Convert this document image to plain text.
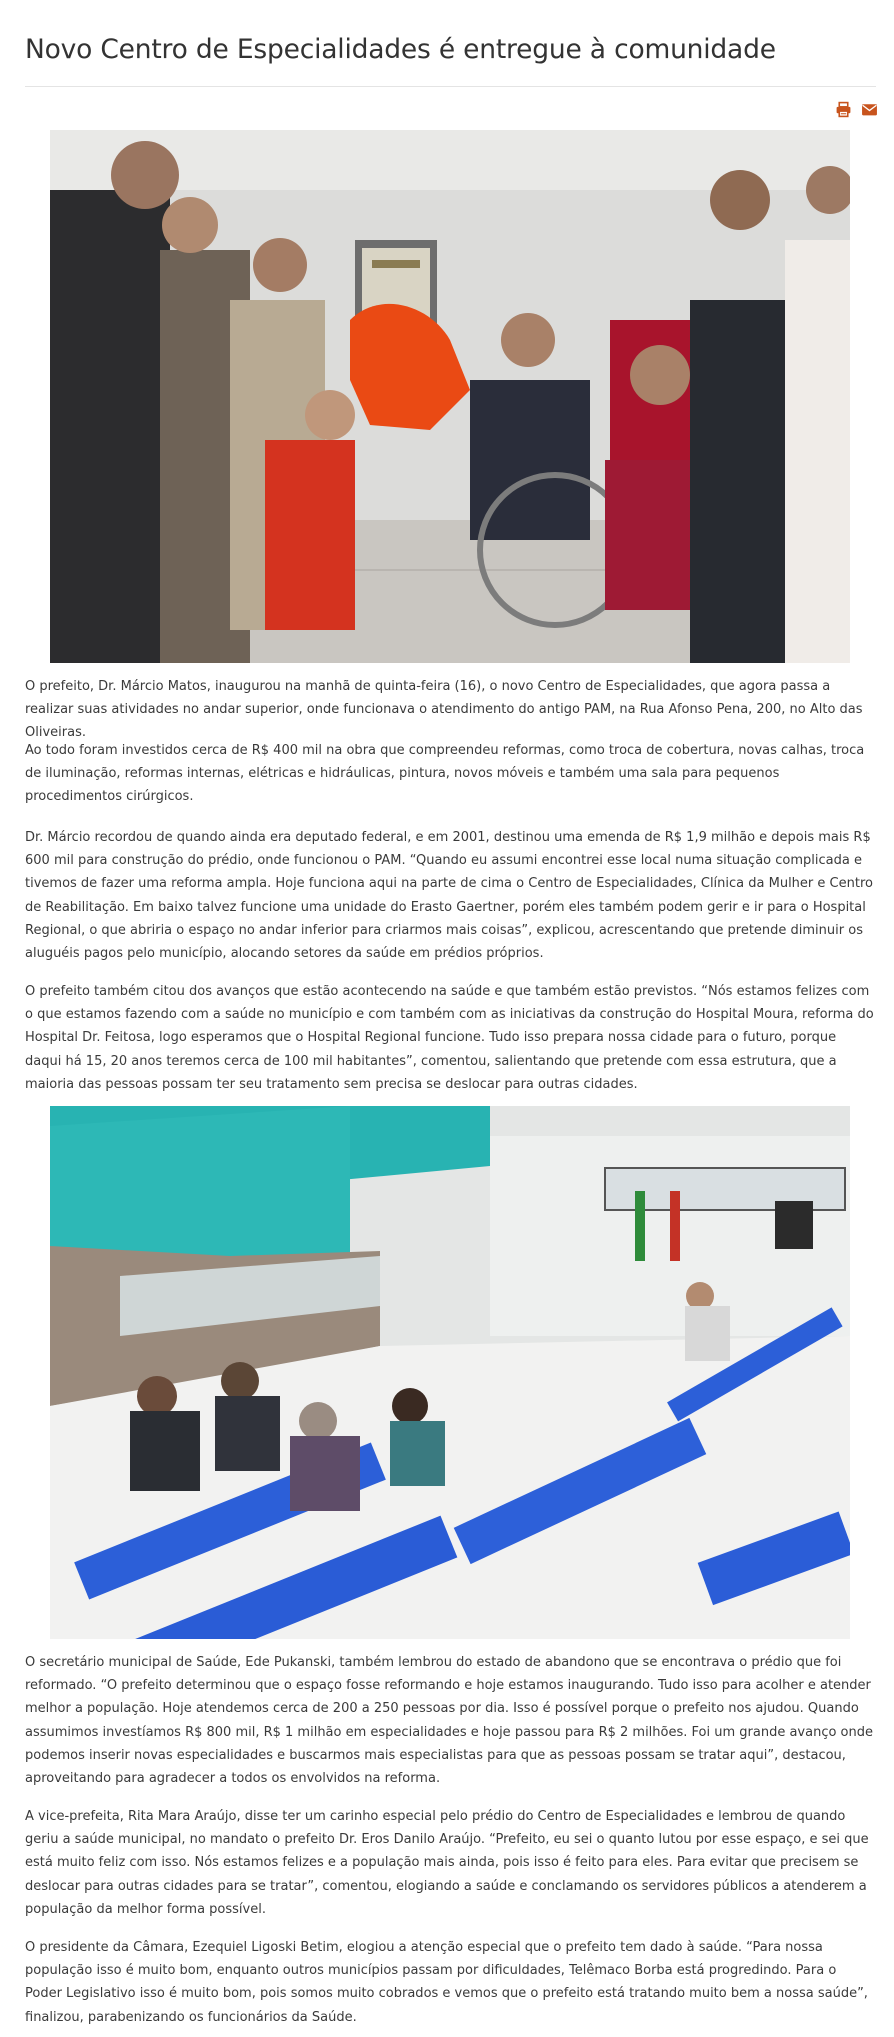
Novo Centro de Especialidades é entregue à comunidade

O prefeito, Dr. Márcio Matos, inaugurou na manhã de quinta-feira (16), o novo Centro de Especialidades, que agora passa a realizar suas atividades no andar superior, onde funcionava o atendimento do antigo PAM, na Rua Afonso Pena, 200, no Alto das Oliveiras.

Ao todo foram investidos cerca de R$ 400 mil na obra que compreendeu reformas, como troca de cobertura, novas calhas, troca de iluminação, reformas internas, elétricas e hidráulicas, pintura, novos móveis e também uma sala para pequenos procedimentos cirúrgicos.

Dr. Márcio recordou de quando ainda era deputado federal, e em 2001, destinou uma emenda de R$ 1,9 milhão e depois mais R$ 600 mil para construção do prédio, onde funcionou o PAM. “Quando eu assumi encontrei esse local numa situação complicada e tivemos de fazer uma reforma ampla. Hoje funciona aqui na parte de cima o Centro de Especialidades, Clínica da Mulher e Centro de Reabilitação. Em baixo talvez funcione uma unidade do Erasto Gaertner, porém eles também podem gerir e ir para o Hospital Regional, o que abriria o espaço no andar inferior para criarmos mais coisas”, explicou, acrescentando que pretende diminuir os aluguéis pagos pelo município, alocando setores da saúde em prédios próprios.

O prefeito também citou dos avanços que estão acontecendo na saúde e que também estão previstos. “Nós estamos felizes com o que estamos fazendo com a saúde no município e com também com as iniciativas da construção do Hospital Moura, reforma do Hospital Dr. Feitosa, logo esperamos que o Hospital Regional funcione. Tudo isso prepara nossa cidade para o futuro, porque daqui há 15, 20 anos teremos cerca de 100 mil habitantes”, comentou, salientando que pretende com essa estrutura, que a maioria das pessoas possam ter seu tratamento sem precisa se deslocar para outras cidades.

O secretário municipal de Saúde, Ede Pukanski, também lembrou do estado de abandono que se encontrava o prédio que foi reformado. “O prefeito determinou que o espaço fosse reformando e hoje estamos inaugurando. Tudo isso para acolher e atender melhor a população. Hoje atendemos cerca de 200 a 250 pessoas por dia. Isso é possível porque o prefeito nos ajudou. Quando assumimos investíamos R$ 800 mil, R$ 1 milhão em especialidades e hoje passou para R$ 2 milhões. Foi um grande avanço onde podemos inserir novas especialidades e buscarmos mais especialistas para que as pessoas possam se tratar aqui”, destacou, aproveitando para agradecer a todos os envolvidos na reforma.

A vice-prefeita, Rita Mara Araújo, disse ter um carinho especial pelo prédio do Centro de Especialidades e lembrou de quando geriu a saúde municipal, no mandato o prefeito Dr. Eros Danilo Araújo. “Prefeito, eu sei o quanto lutou por esse espaço, e sei que está muito feliz com isso. Nós estamos felizes e a população mais ainda, pois isso é feito para eles. Para evitar que precisem se deslocar para outras cidades para se tratar”, comentou, elogiando a saúde e conclamando os servidores públicos a atenderem a população da melhor forma possível.

O presidente da Câmara, Ezequiel Ligoski Betim, elogiou a atenção especial que o prefeito tem dado à saúde. “Para nossa população isso é muito bom, enquanto outros municípios passam por dificuldades, Telêmaco Borba está progredindo. Para o Poder Legislativo isso é muito bom, pois somos muito cobrados e vemos que o prefeito está tratando muito bem a nossa saúde”, finalizou, parabenizando os funcionários da Saúde.
